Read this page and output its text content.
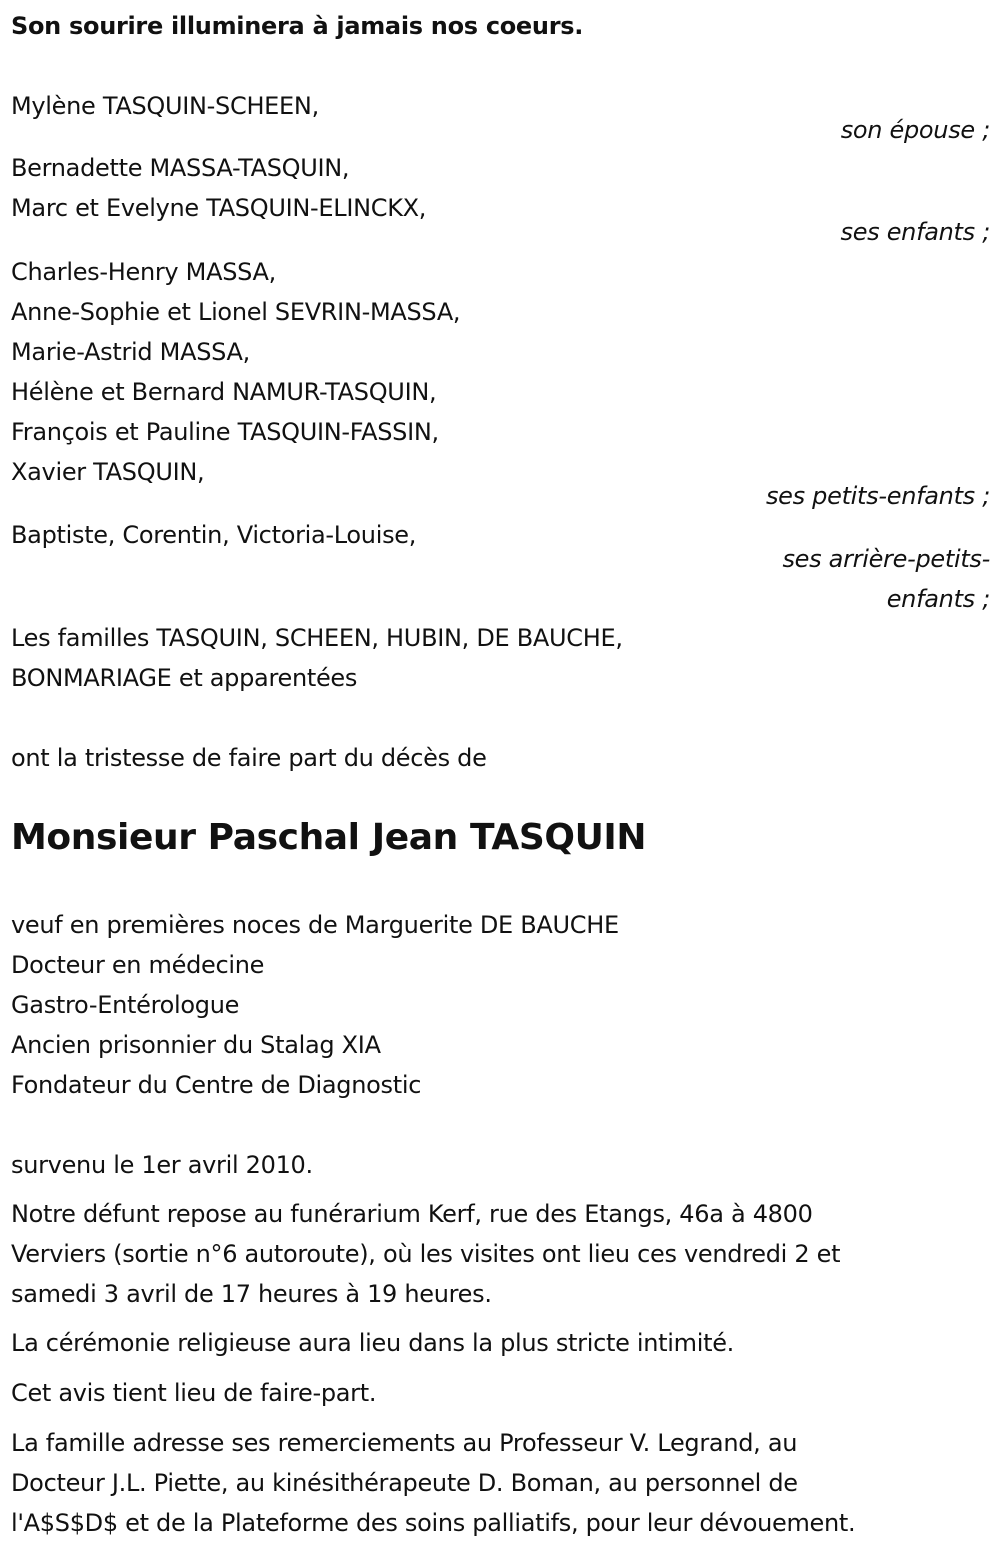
Son sourire illuminera à jamais nos coeurs.
Mylène TASQUIN-SCHEEN,
son épouse ;
Bernadette MASSA-TASQUIN,
Marc et Evelyne TASQUIN-ELINCKX,
ses enfants ;
Charles-Henry MASSA,
Anne-Sophie et Lionel SEVRIN-MASSA,
Marie-Astrid MASSA,
Hélène et Bernard NAMUR-TASQUIN,
François et Pauline TASQUIN-FASSIN,
Xavier TASQUIN,
ses petits-enfants ;
Baptiste, Corentin, Victoria-Louise,
ses arrière-petits-
enfants ;
Les familles TASQUIN, SCHEEN, HUBIN, DE BAUCHE,
BONMARIAGE et apparentées
ont la tristesse de faire part du décès de
Monsieur Paschal Jean TASQUIN
veuf en premières noces de Marguerite DE BAUCHE
Docteur en médecine
Gastro-Entérologue
Ancien prisonnier du Stalag XIA
Fondateur du Centre de Diagnostic
survenu le 1er avril 2010.
Notre défunt repose au funérarium Kerf, rue des Etangs, 46a à 4800
Verviers (sortie n°6 autoroute), où les visites ont lieu ces vendredi 2 et
samedi 3 avril de 17 heures à 19 heures.
La cérémonie religieuse aura lieu dans la plus stricte intimité.
Cet avis tient lieu de faire-part.
La famille adresse ses remerciements au Professeur V. Legrand, au
Docteur J.L. Piette, au kinésithérapeute D. Boman, au personnel de
l'A$S$D$ et de la Plateforme des soins palliatifs, pour leur dévouement.
